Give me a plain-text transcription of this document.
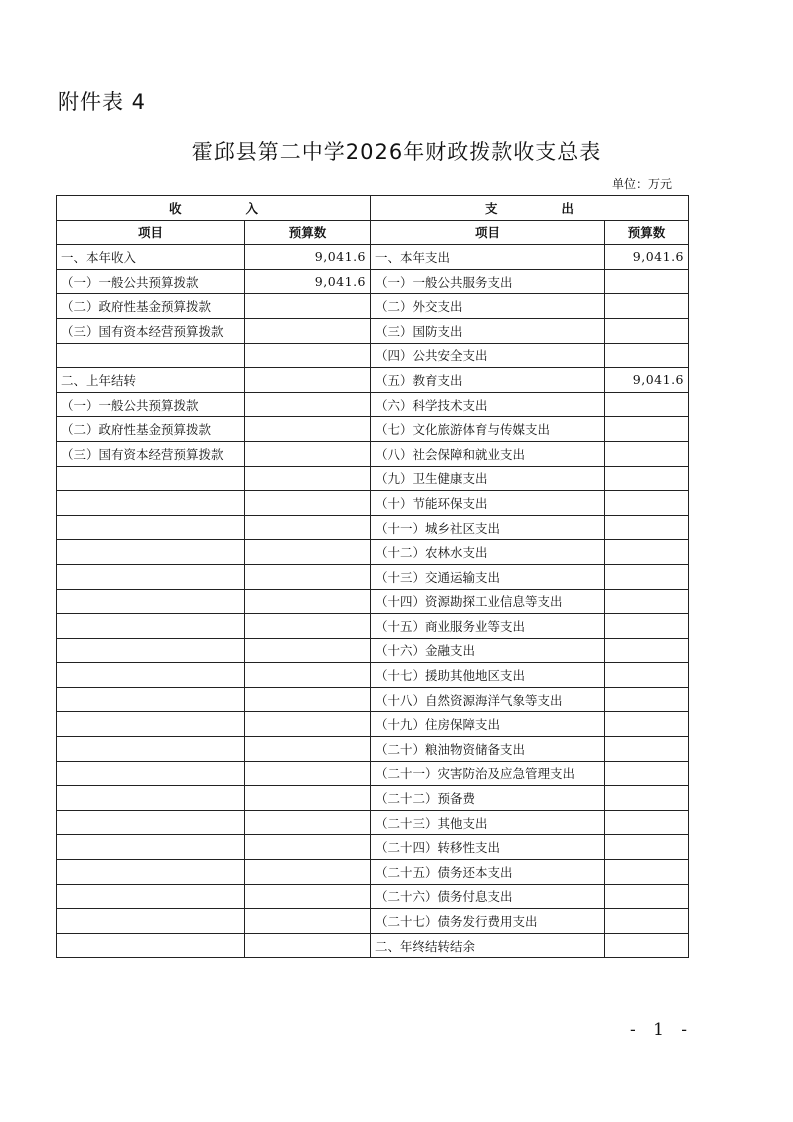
附件表 4
霍邱县第二中学2026年财政拨款收支总表
单位：万元
收 入		支 出	
项目	预算数	项目	预算数
一、本年收入	9,041.6	一、本年支出	9,041.6
（一）一般公共预算拨款	9,041.6	（一）一般公共服务支出	
（二）政府性基金预算拨款		（二）外交支出	
（三）国有资本经营预算拨款		（三）国防支出	
		（四）公共安全支出	
二、上年结转		（五）教育支出	9,041.6
（一）一般公共预算拨款		（六）科学技术支出	
（二）政府性基金预算拨款		（七）文化旅游体育与传媒支出	
（三）国有资本经营预算拨款		（八）社会保障和就业支出	
		（九）卫生健康支出	
		（十）节能环保支出	
		（十一）城乡社区支出	
		（十二）农林水支出	
		（十三）交通运输支出	
		（十四）资源勘探工业信息等支出	
		（十五）商业服务业等支出	
		（十六）金融支出	
		（十七）援助其他地区支出	
		（十八）自然资源海洋气象等支出	
		（十九）住房保障支出	
		（二十）粮油物资储备支出	
		（二十一）灾害防治及应急管理支出	
		（二十二）预备费	
		（二十三）其他支出	
		（二十四）转移性支出	
		（二十五）债务还本支出	
		（二十六）债务付息支出	
		（二十七）债务发行费用支出	
		二、年终结转结余	
- 1 -
